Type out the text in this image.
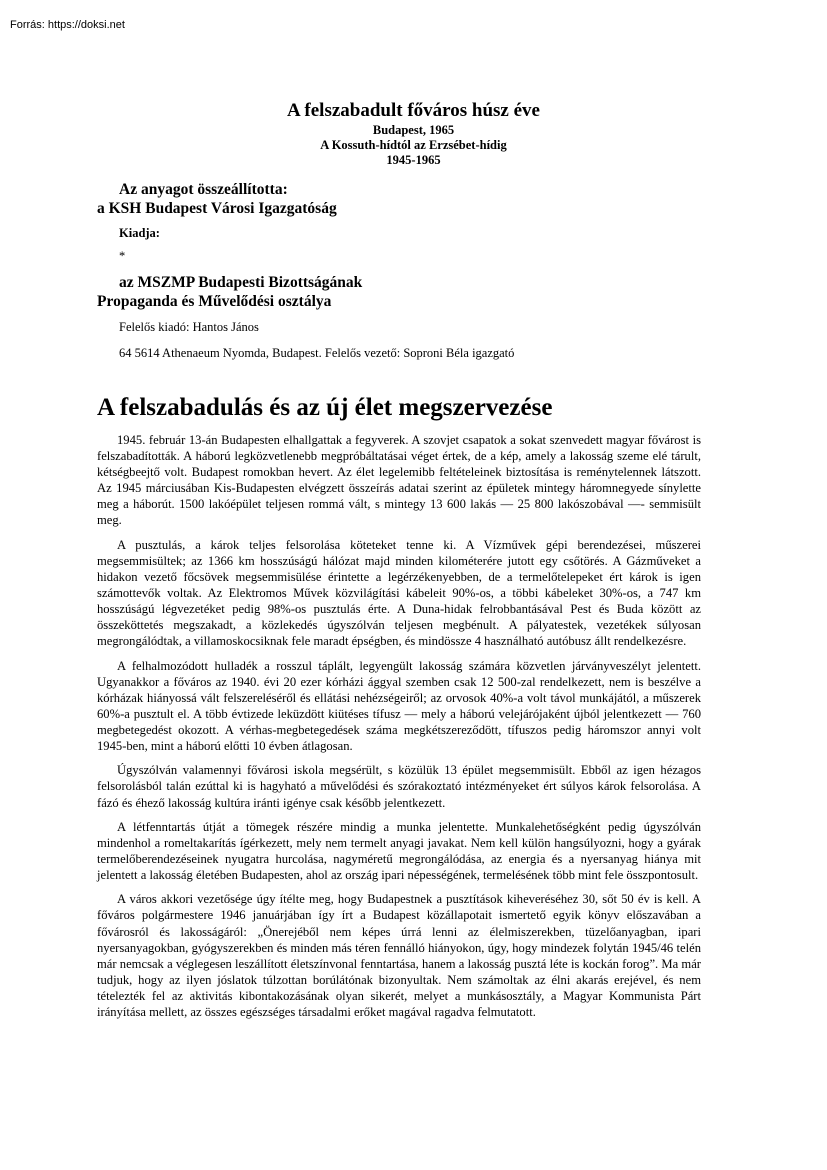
Forrás: https://doksi.net
A felszabadult főváros húsz éve
Budapest, 1965
A Kossuth-hídtól az Erzsébet-hídig
1945-1965
Az anyagot összeállította:
a KSH Budapest Városi Igazgatóság
Kiadja:
*
az MSZMP Budapesti Bizottságának
Propaganda és Művelődési osztálya
Felelős kiadó: Hantos János
64 5614 Athenaeum Nyomda, Budapest. Felelős vezető: Soproni Béla igazgató
A felszabadulás és az új élet megszervezése

1945. február 13-án Budapesten elhallgattak a fegyverek. A szovjet csapatok a sokat szenvedett magyar fővárost is felszabadították. A háború legközvetlenebb megpróbáltatásai véget értek, de a kép, amely a lakosság szeme elé tárult, kétségbeejtő volt. Budapest romokban hevert. Az élet legelemibb feltételeinek biztosítása is reménytelennek látszott. Az 1945 márciusában Kis-Budapesten elvégzett összeírás adatai szerint az épületek mintegy háromnegyede sínylette meg a háborút. 1500 lakóépület teljesen rommá vált, s mintegy 13 600 lakás — 25 800 lakószobával —- semmisült meg.

A pusztulás, a károk teljes felsorolása köteteket tenne ki. A Vízművek gépi berendezései, műszerei megsemmisültek; az 1366 km hosszúságú hálózat majd minden kilométerére jutott egy csőtörés. A Gázműveket a hidakon vezető főcsövek megsemmisülése érintette a legérzékenyebben, de a termelőtelepeket ért károk is igen számottevők voltak. Az Elektromos Művek közvilágítási kábeleit 90%-os, a többi kábeleket 30%-os, a 747 km hosszúságú légvezetéket pedig 98%-os pusztulás érte. A Duna-hidak felrobbantásával Pest és Buda között az összeköttetés megszakadt, a közlekedés úgyszólván teljesen megbénult. A pályatestek, vezetékek súlyosan megrongálódtak, a villamoskocsiknak fele maradt épségben, és mindössze 4 használható autóbusz állt rendelkezésre.

A felhalmozódott hulladék a rosszul táplált, legyengült lakosság számára közvetlen járványveszélyt jelentett. Ugyanakkor a főváros az 1940. évi 20 ezer kórházi ággyal szemben csak 12 500-zal rendelkezett, nem is beszélve a kórházak hiányossá vált felszereléséről és ellátási nehézségeiről; az orvosok 40%-a volt távol munkájától, a műszerek 60%-a pusztult el. A több évtizede leküzdött kiütéses tífusz — mely a háború velejárójaként újból jelentkezett — 760 megbetegedést okozott. A vérhas-megbetegedések száma megkétszereződött, tífuszos pedig háromszor annyi volt 1945-ben, mint a háború előtti 10 évben átlagosan.

Úgyszólván valamennyi fővárosi iskola megsérült, s közülük 13 épület megsemmisült. Ebből az igen hézagos felsorolásból talán ezúttal ki is hagyható a művelődési és szórakoztató intézményeket ért súlyos károk felsorolása. A fázó és éhező lakosság kultúra iránti igénye csak később jelentkezett.

A létfenntartás útját a tömegek részére mindig a munka jelentette. Munkalehetőségként pedig úgyszólván mindenhol a romeltakarítás ígérkezett, mely nem termelt anyagi javakat. Nem kell külön hangsúlyozni, hogy a gyárak termelőberendezéseinek nyugatra hurcolása, nagyméretű megrongálódása, az energia és a nyersanyag hiánya mit jelentett a lakosság életében Budapesten, ahol az ország ipari népességének, termelésének több mint fele összpontosult.

A város akkori vezetősége úgy ítélte meg, hogy Budapestnek a pusztítások kiheveréséhez 30, sőt 50 év is kell. A főváros polgármestere 1946 januárjában így írt a Budapest közállapotait ismertető egyik könyv előszavában a fővárosról és lakosságáról: „Önerejéből nem képes úrrá lenni az élelmiszerekben, tüzelőanyagban, ipari nyersanyagokban, gyógyszerekben és minden más téren fennálló hiányokon, úgy, hogy mindezek folytán 1945/46 telén már nemcsak a véglegesen leszállított életszínvonal fenntartása, hanem a lakosság pusztá léte is kockán forog”. Ma már tudjuk, hogy az ilyen jóslatok túlzottan borúlátónak bizonyultak. Nem számoltak az élni akarás erejével, és nem tételezték fel az aktivitás kibontakozásának olyan sikerét, melyet a munkásosztály, a Magyar Kommunista Párt irányítása mellett, az összes egészséges társadalmi erőket magával ragadva felmutatott.
